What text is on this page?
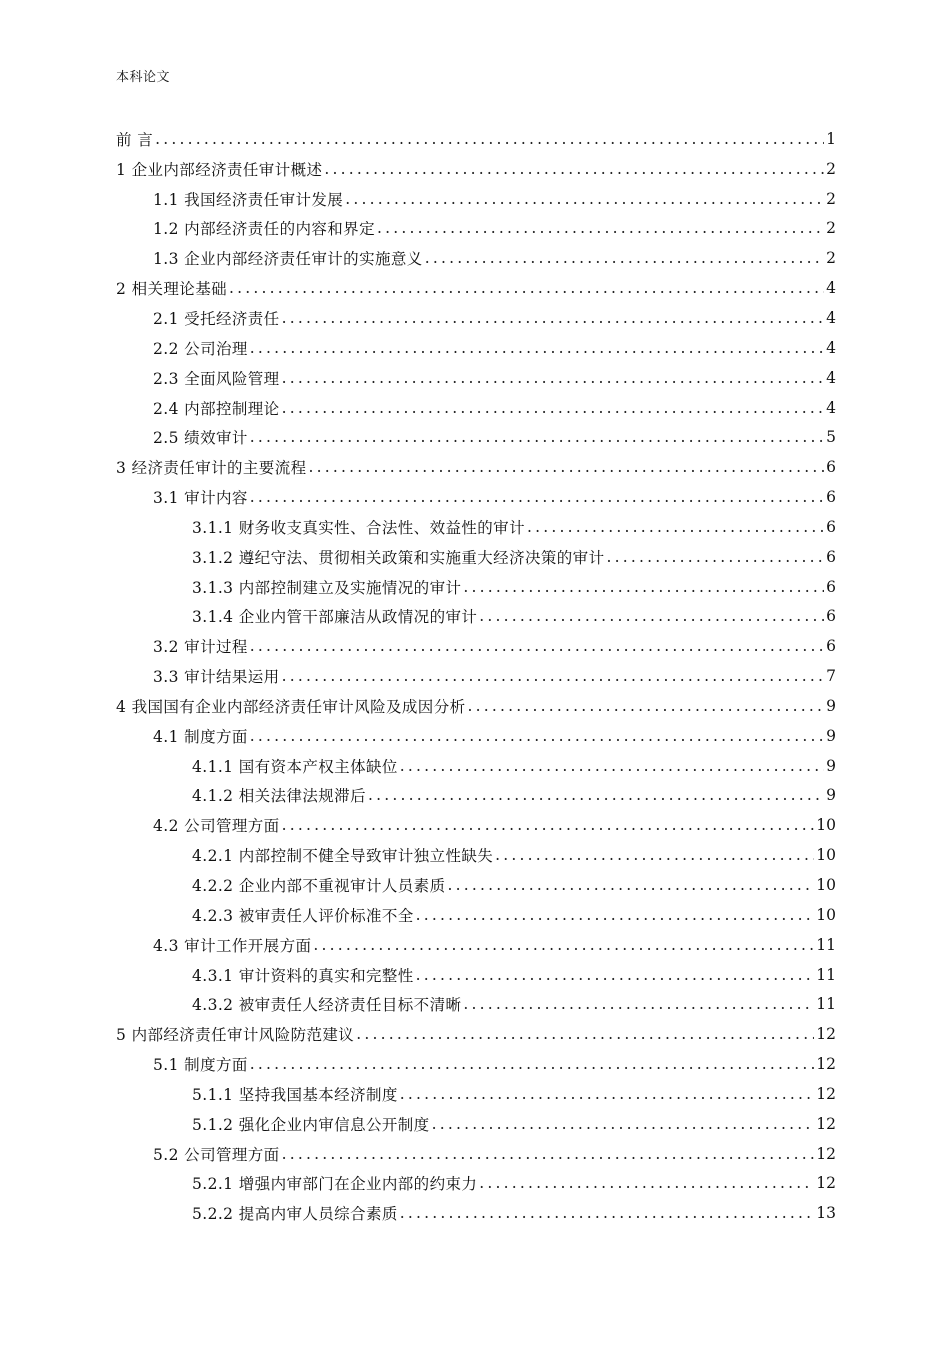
本科论文
前 言 .....	1
1 企业内部经济责任审计概述 .....	2
1.1 我国经济责任审计发展 .....	2
1.2 内部经济责任的内容和界定 .....	2
1.3 企业内部经济责任审计的实施意义 .....	2
2 相关理论基础 .....	4
2.1 受托经济责任 .....	4
2.2 公司治理 .....	4
2.3 全面风险管理 .....	4
2.4 内部控制理论 .....	4
2.5 绩效审计 .....	5
3 经济责任审计的主要流程 .....	6
3.1 审计内容 .....	6
3.1.1 财务收支真实性、合法性、效益性的审计 .....	6
3.1.2 遵纪守法、贯彻相关政策和实施重大经济决策的审计 .....	6
3.1.3 内部控制建立及实施情况的审计 .....	6
3.1.4 企业内管干部廉洁从政情况的审计 .....	6
3.2 审计过程 .....	6
3.3 审计结果运用 .....	7
4 我国国有企业内部经济责任审计风险及成因分析 .....	9
4.1 制度方面 .....	9
4.1.1 国有资本产权主体缺位 .....	9
4.1.2 相关法律法规滞后 .....	9
4.2 公司管理方面 .....	10
4.2.1 内部控制不健全导致审计独立性缺失 .....	10
4.2.2 企业内部不重视审计人员素质 .....	10
4.2.3 被审责任人评价标准不全 .....	10
4.3 审计工作开展方面 .....	11
4.3.1 审计资料的真实和完整性 .....	11
4.3.2 被审责任人经济责任目标不清晰 .....	11
5 内部经济责任审计风险防范建议 .....	12
5.1 制度方面 .....	12
5.1.1 坚持我国基本经济制度 .....	12
5.1.2 强化企业内审信息公开制度 .....	12
5.2 公司管理方面 .....	12
5.2.1 增强内审部门在企业内部的约束力 .....	12
5.2.2 提高内审人员综合素质 .....	13
